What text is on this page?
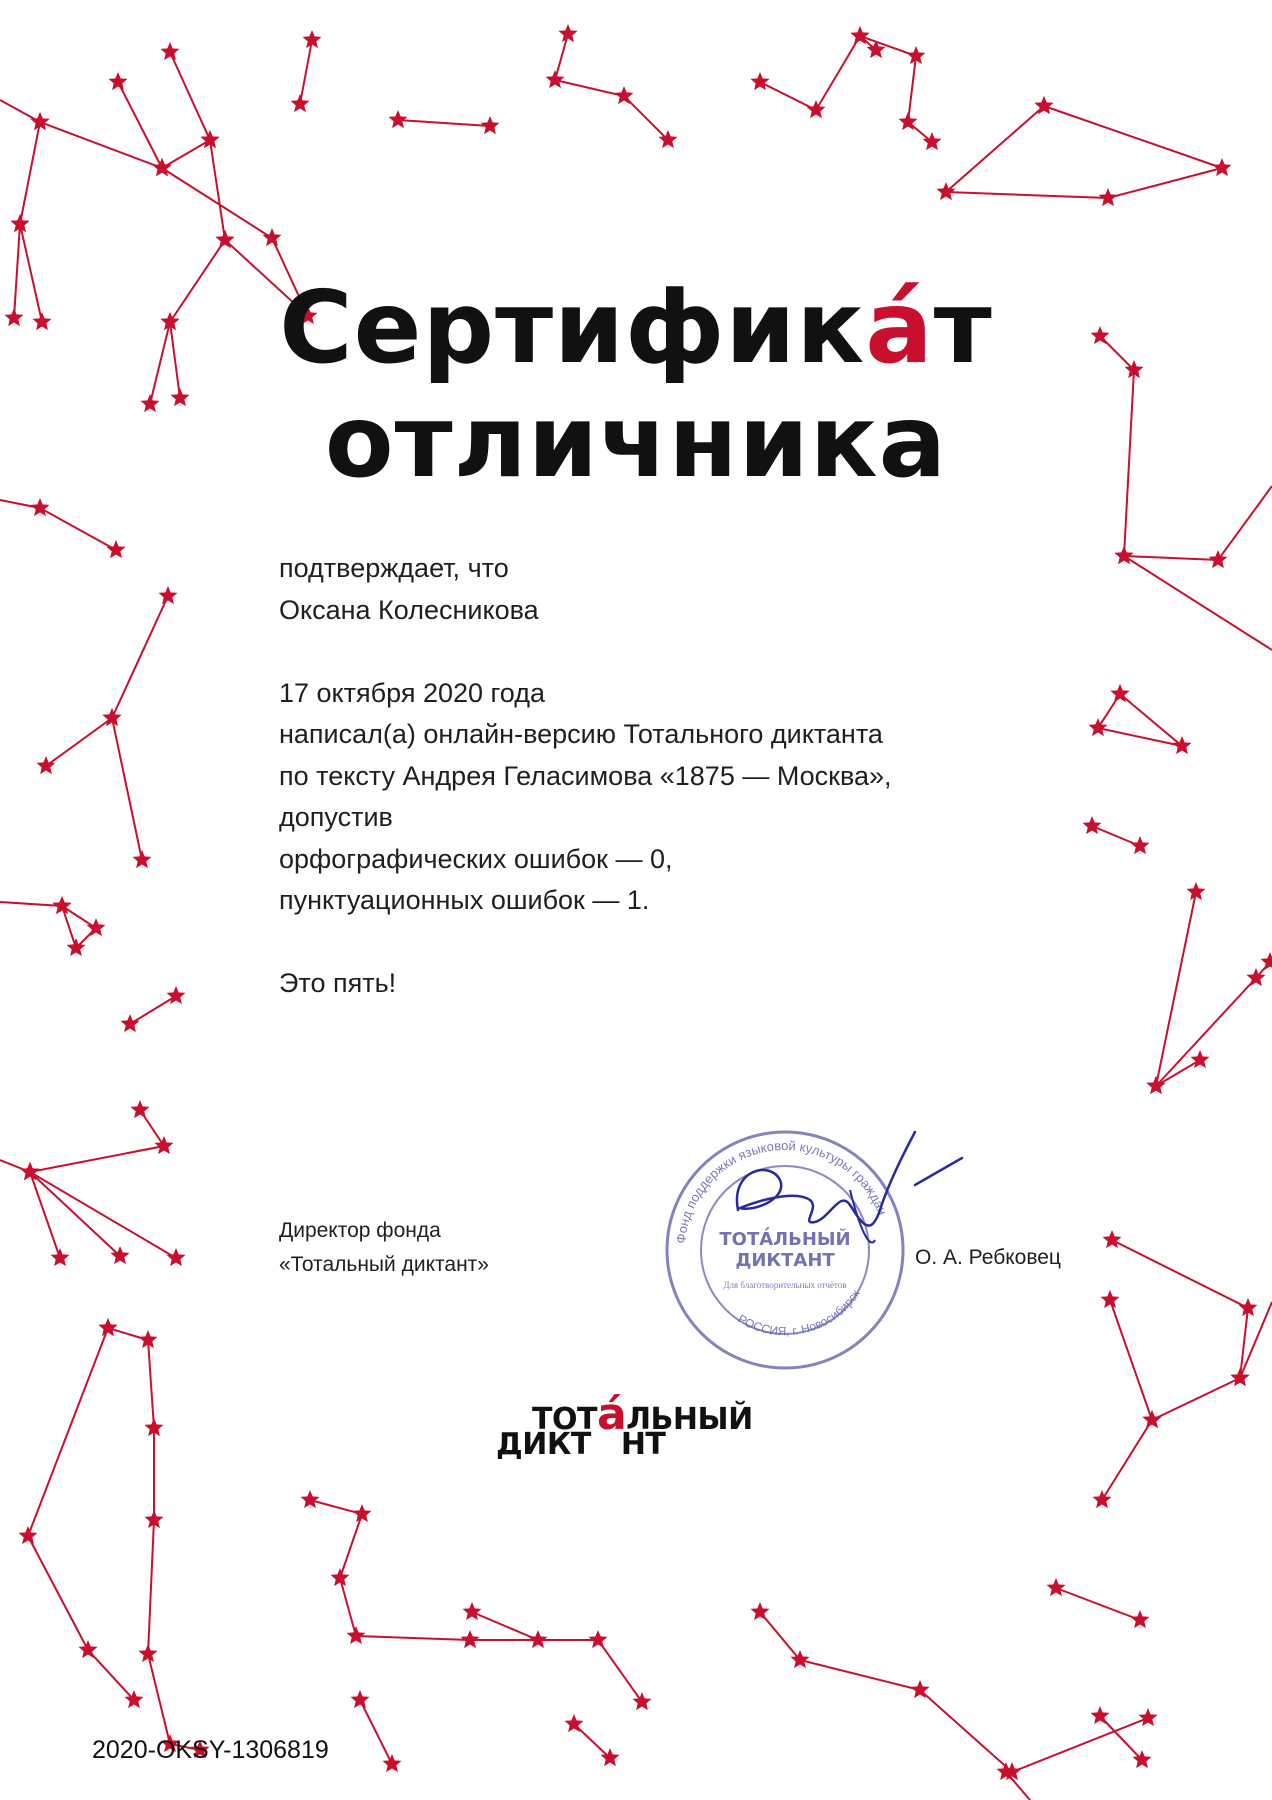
Сертифика́т
отличника
подтверждает, что
Оксана Колесникова
17 октября 2020 года
написал(а) онлайн-версию Тотального диктанта
по тексту Андрея Геласимова «1875 — Москва»,
допустив
орфографических ошибок — 0,
пунктуационных ошибок — 1.
Это пять!
Директор фонда
«Тотальный диктант»
Фонд поддержки языковой культуры граждан
РОССИЯ, г. Новосибирск
ТОТА́ЛЬНЫЙ
ДИКТАНТ
Для благотворительных отчётов
О. А. Ребковец
ТОТа́ЛЬНЫЙ
ДИКТ НТ
2020-OKSY-1306819
